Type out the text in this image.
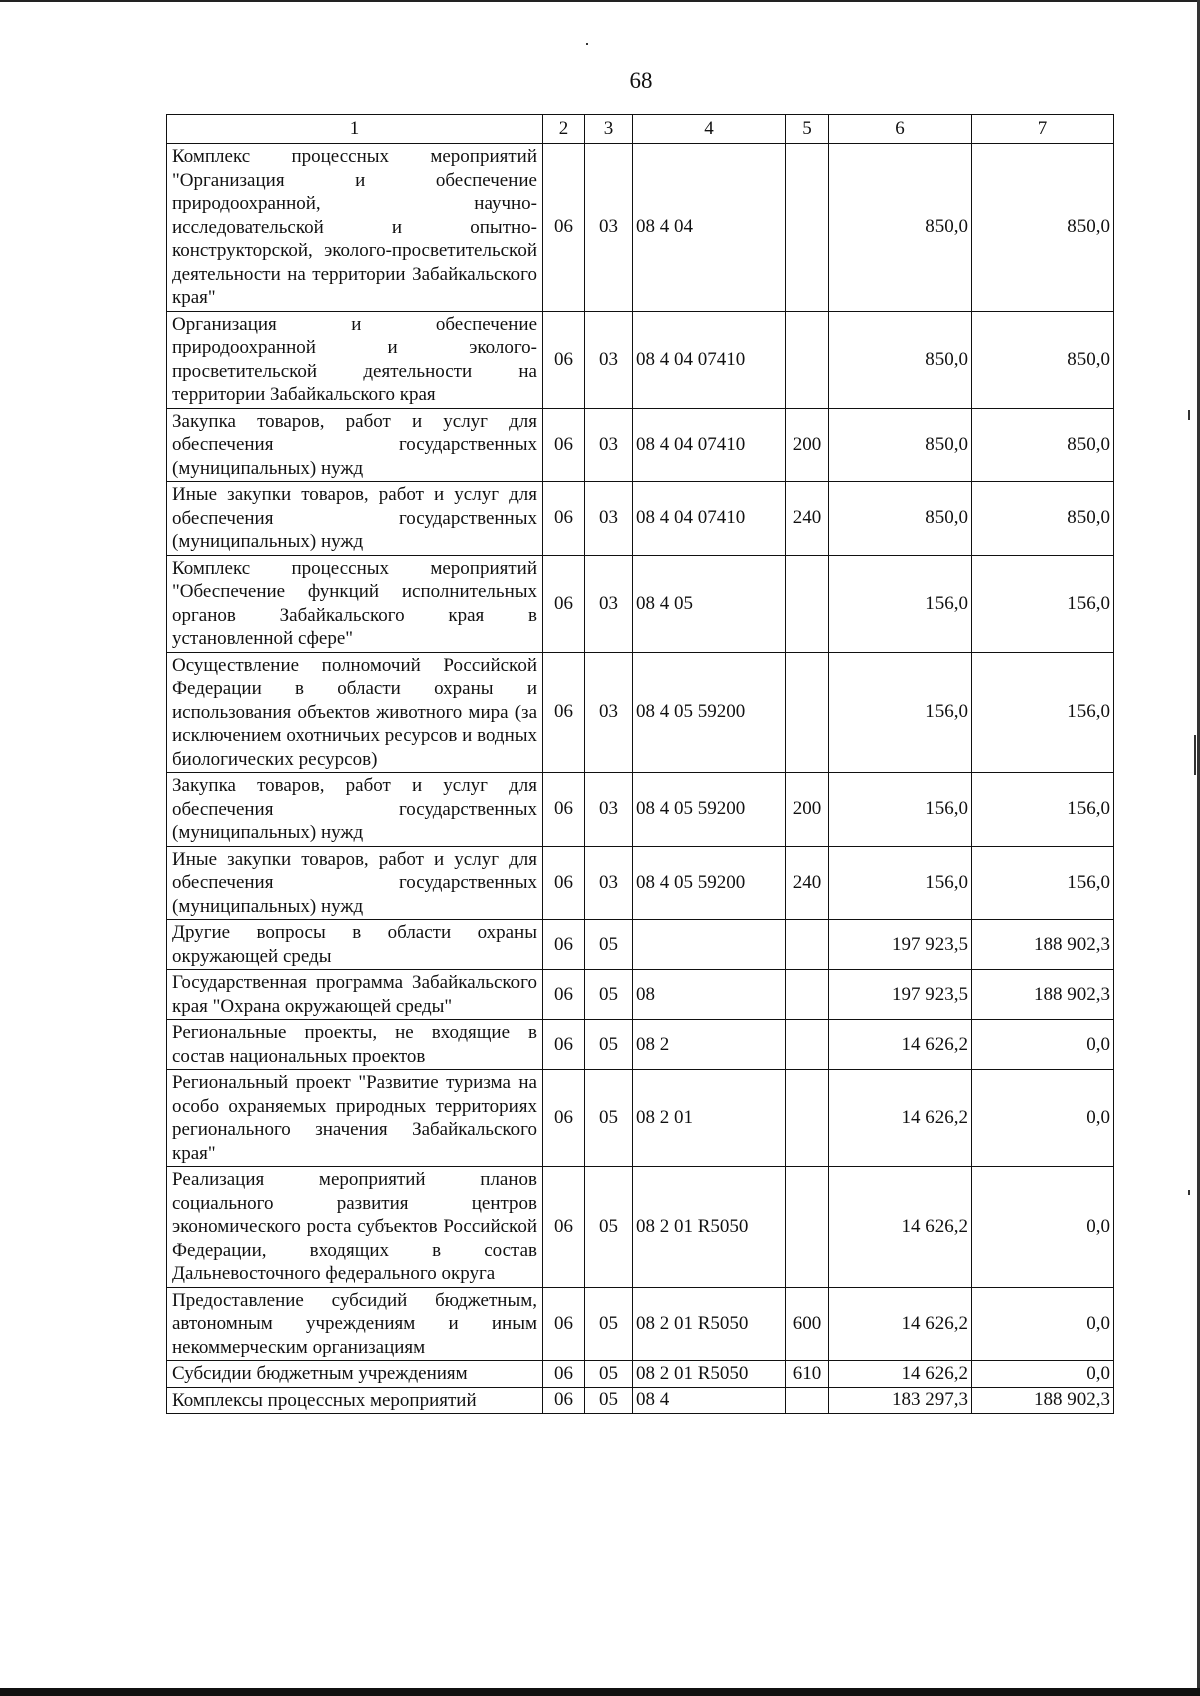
68
1	2	3	4	5	6	7
Комплекс процессных мероприятий "Организация и обеспечение природоохранной, научно-исследовательской и опытно-конструкторской, эколого-просветительской деятельности на территории Забайкальского края"	06	03	08 4 04		850,0	850,0
Организация и обеспечение природоохранной и эколого-просветительской деятельности на территории Забайкальского края	06	03	08 4 04 07410		850,0	850,0
Закупка товаров, работ и услуг для обеспечения государственных (муниципальных) нужд	06	03	08 4 04 07410	200	850,0	850,0
Иные закупки товаров, работ и услуг для обеспечения государственных (муниципальных) нужд	06	03	08 4 04 07410	240	850,0	850,0
Комплекс процессных мероприятий "Обеспечение функций исполнительных органов Забайкальского края в установленной сфере"	06	03	08 4 05		156,0	156,0
Осуществление полномочий Российской Федерации в области охраны и использования объектов животного мира (за исключением охотничьих ресурсов и водных биологических ресурсов)	06	03	08 4 05 59200		156,0	156,0
Закупка товаров, работ и услуг для обеспечения государственных (муниципальных) нужд	06	03	08 4 05 59200	200	156,0	156,0
Иные закупки товаров, работ и услуг для обеспечения государственных (муниципальных) нужд	06	03	08 4 05 59200	240	156,0	156,0
Другие вопросы в области охраны окружающей среды	06	05			197 923,5	188 902,3
Государственная программа Забайкальского края "Охрана окружающей среды"	06	05	08		197 923,5	188 902,3
Региональные проекты, не входящие в состав национальных проектов	06	05	08 2		14 626,2	0,0
Региональный проект "Развитие туризма на особо охраняемых природных территориях регионального значения Забайкальского края"	06	05	08 2 01		14 626,2	0,0
Реализация мероприятий планов социального развития центров экономического роста субъектов Российской Федерации, входящих в состав Дальневосточного федерального округа	06	05	08 2 01 R5050		14 626,2	0,0
Предоставление субсидий бюджетным, автономным учреждениям и иным некоммерческим организациям	06	05	08 2 01 R5050	600	14 626,2	0,0
Субсидии бюджетным учреждениям	06	05	08 2 01 R5050	610	14 626,2	0,0
Комплексы процессных мероприятий	06	05	08 4		183 297,3	188 902,3
